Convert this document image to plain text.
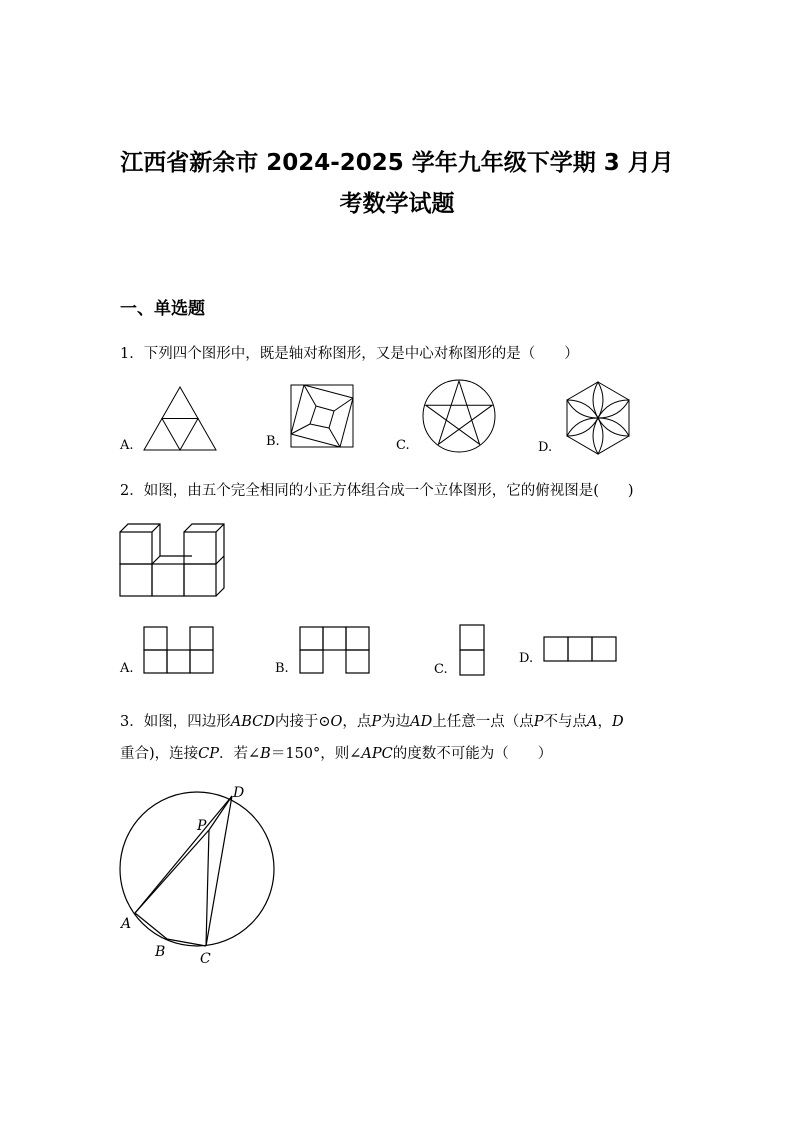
江西省新余市 2024-2025 学年九年级下学期 3 月月
考数学试题
一、单选题
1．下列四个图形中，既是轴对称图形，又是中心对称图形的是（　　）
A.	B.	C.	D.
2．如图，由五个完全相同的小正方体组合成一个立体图形，它的俯视图是(　　)
A.	B.	C.
D.
3．如图，四边形ABCD内接于⊙O，点P为边AD上任意一点（点P不与点A，D
重合)，连接CP．若∠B＝150°，则∠APC的度数不可能为（　　）
D
P
A
B C
